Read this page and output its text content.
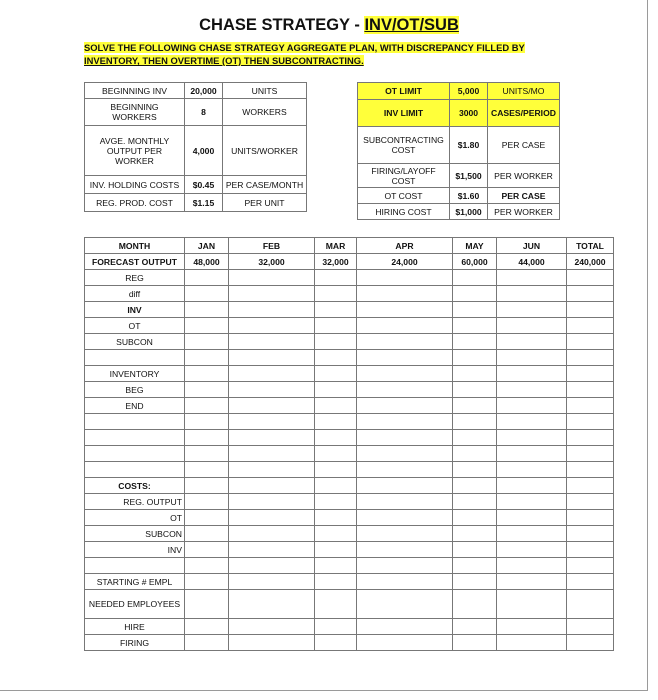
CHASE STRATEGY - INV/OT/SUB
SOLVE THE FOLLOWING CHASE STRATEGY AGGREGATE PLAN, WITH DISCREPANCY FILLED BY
INVENTORY, THEN OVERTIME (OT) THEN SUBCONTRACTING.
BEGINNING INV	20,000	UNITS
BEGINNING WORKERS	8	WORKERS
AVGE. MONTHLY OUTPUT PER WORKER	4,000	UNITS/WORKER
INV. HOLDING COSTS	$0.45	PER CASE/MONTH
REG. PROD. COST	$1.15	PER UNIT
OT LIMIT	5,000	UNITS/MO
INV LIMIT	3000	CASES/PERIOD
SUBCONTRACTING COST	$1.80	PER CASE
FIRING/LAYOFF COST	$1,500	PER WORKER
OT COST	$1.60	PER CASE
HIRING COST	$1,000	PER WORKER
MONTH	JAN	FEB	MAR	APR	MAY	JUN	TOTAL
FORECAST OUTPUT	48,000	32,000	32,000	24,000	60,000	44,000	240,000
REG							
diff							
INV							
OT							
SUBCON							

INVENTORY							
BEG							
END							

COSTS:							
REG. OUTPUT							
OT							
SUBCON							
INV							

STARTING # EMPL							
NEEDED EMPLOYEES							
HIRE							
FIRING							
